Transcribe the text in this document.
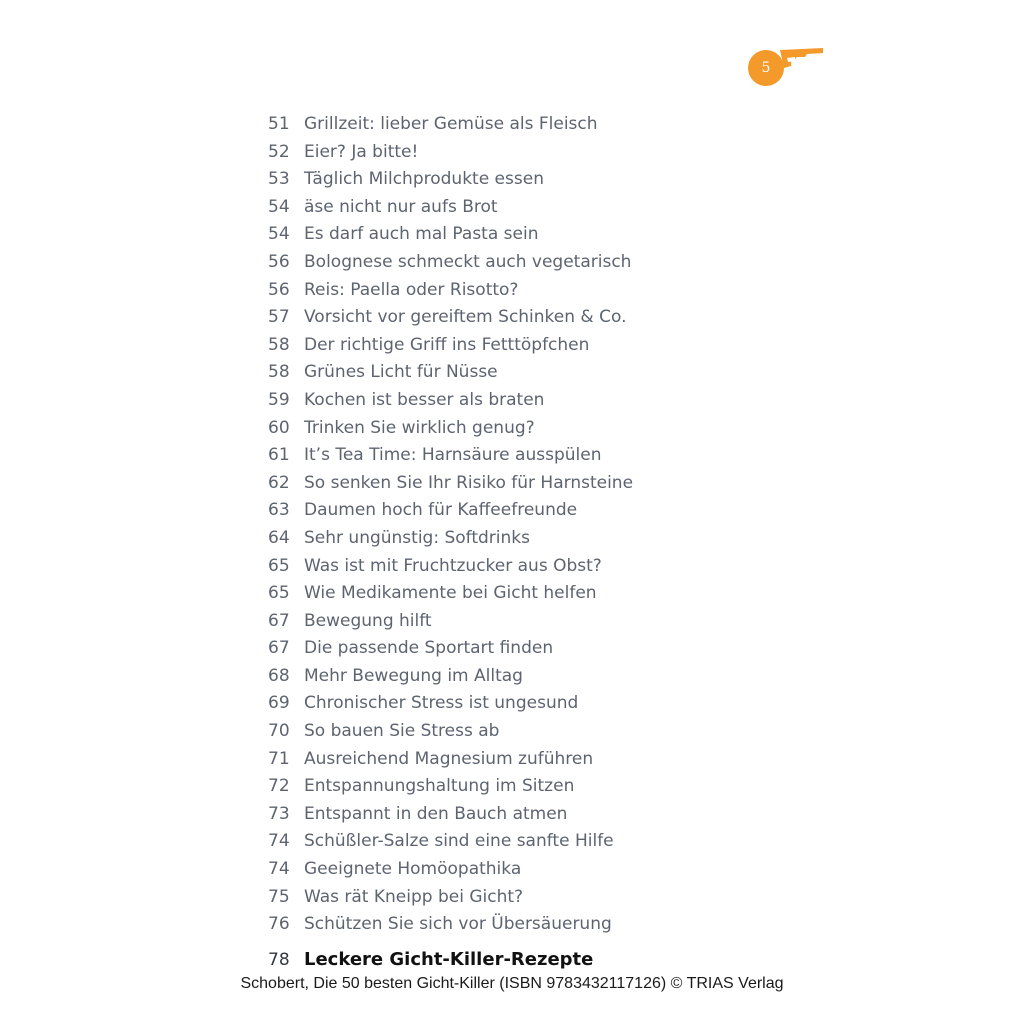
5
51 Grillzeit: lieber Gemüse als Fleisch
52 Eier? Ja bitte!
53 Täglich Milchprodukte essen
54 äse nicht nur aufs Brot
54 Es darf auch mal Pasta sein
56 Bolognese schmeckt auch vegetarisch
56 Reis: Paella oder Risotto?
57 Vorsicht vor gereiftem Schinken & Co.
58 Der richtige Griff ins Fetttöpfchen
58 Grünes Licht für Nüsse
59 Kochen ist besser als braten
60 Trinken Sie wirklich genug?
61 It’s Tea Time: Harnsäure ausspülen
62 So senken Sie Ihr Risiko für Harnsteine
63 Daumen hoch für Kaffeefreunde
64 Sehr ungünstig: Softdrinks
65 Was ist mit Fruchtzucker aus Obst?
65 Wie Medikamente bei Gicht helfen
67 Bewegung hilft
67 Die passende Sportart finden
68 Mehr Bewegung im Alltag
69 Chronischer Stress ist ungesund
70 So bauen Sie Stress ab
71 Ausreichend Magnesium zuführen
72 Entspannungshaltung im Sitzen
73 Entspannt in den Bauch atmen
74 Schüßler-Salze sind eine sanfte Hilfe
74 Geeignete Homöopathika
75 Was rät Kneipp bei Gicht?
76 Schützen Sie sich vor Übersäuerung
78 Leckere Gicht-Killer-Rezepte
Schobert, Die 50 besten Gicht-Killer (ISBN 9783432117126) © TRIAS Verlag
